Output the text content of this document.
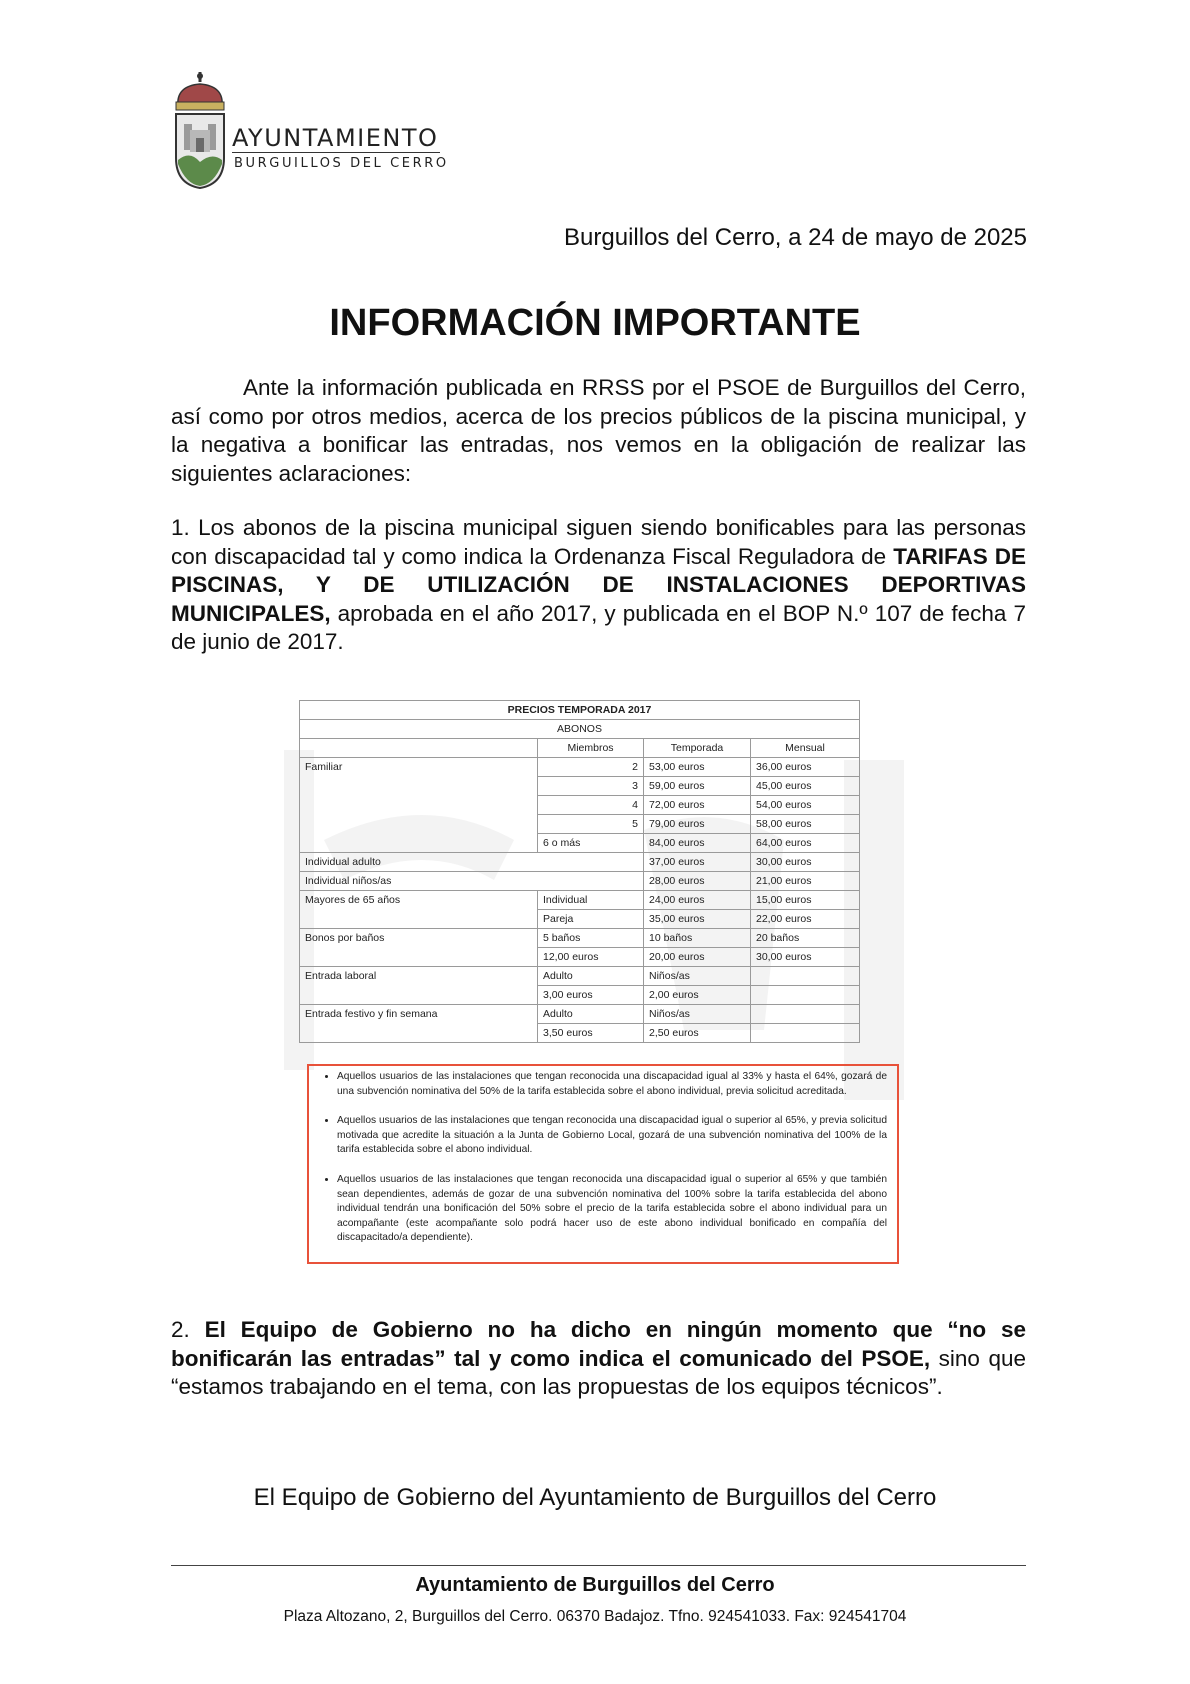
AYUNTAMIENTO
BURGUILLOS DEL CERRO
Burguillos del Cerro, a 24 de mayo de 2025
INFORMACIÓN IMPORTANTE
Ante la información publicada en RRSS por el PSOE de Burguillos del Cerro, así como por otros medios, acerca de los precios públicos de la piscina municipal, y la negativa a bonificar las entradas, nos vemos en la obligación de realizar las siguientes aclaraciones:
1. Los abonos de la piscina municipal siguen siendo bonificables para las personas con discapacidad tal y como indica la Ordenanza Fiscal Reguladora de TARIFAS DE PISCINAS, Y DE UTILIZACIÓN DE INSTALACIONES DEPORTIVAS MUNICIPALES, aprobada en el año 2017, y publicada en el BOP N.º 107 de fecha 7 de junio de 2017.
PRECIOS TEMPORADA 2017			
ABONOS			
	Miembros	Temporada	Mensual
Familiar	2	53,00 euros	36,00 euros
	3	59,00 euros	45,00 euros
	4	72,00 euros	54,00 euros
	5	79,00 euros	58,00 euros
	6 o más	84,00 euros	64,00 euros
Individual adulto		37,00 euros	30,00 euros
Individual niños/as		28,00 euros	21,00 euros
Mayores de 65 años	Individual	24,00 euros	15,00 euros
	Pareja	35,00 euros	22,00 euros
Bonos por baños	5 baños	10 baños	20 baños
	12,00 euros	20,00 euros	30,00 euros
Entrada laboral	Adulto	Niños/as	
	3,00 euros	2,00 euros	
Entrada festivo y fin semana	Adulto	Niños/as	
	3,50 euros	2,50 euros	
• Aquellos usuarios de las instalaciones que tengan reconocida una discapacidad igual al 33% y hasta el 64%, gozará de una subvención nominativa del 50% de la tarifa establecida sobre el abono individual, previa solicitud acreditada.
• Aquellos usuarios de las instalaciones que tengan reconocida una discapacidad igual o superior al 65%, y previa solicitud motivada que acredite la situación a la Junta de Gobierno Local, gozará de una subvención nominativa del 100% de la tarifa establecida sobre el abono individual.
• Aquellos usuarios de las instalaciones que tengan reconocida una discapacidad igual o superior al 65% y que también sean dependientes, además de gozar de una subvención nominativa del 100% sobre la tarifa establecida del abono individual tendrán una bonificación del 50% sobre el precio de la tarifa establecida sobre el abono individual para un acompañante (este acompañante solo podrá hacer uso de este abono individual bonificado en compañía del discapacitado/a dependiente).
2. El Equipo de Gobierno no ha dicho en ningún momento que “no se bonificarán las entradas” tal y como indica el comunicado del PSOE, sino que “estamos trabajando en el tema, con las propuestas de los equipos técnicos”.
El Equipo de Gobierno del Ayuntamiento de Burguillos del Cerro
Ayuntamiento de Burguillos del Cerro
Plaza Altozano, 2, Burguillos del Cerro. 06370 Badajoz. Tfno. 924541033. Fax: 924541704
